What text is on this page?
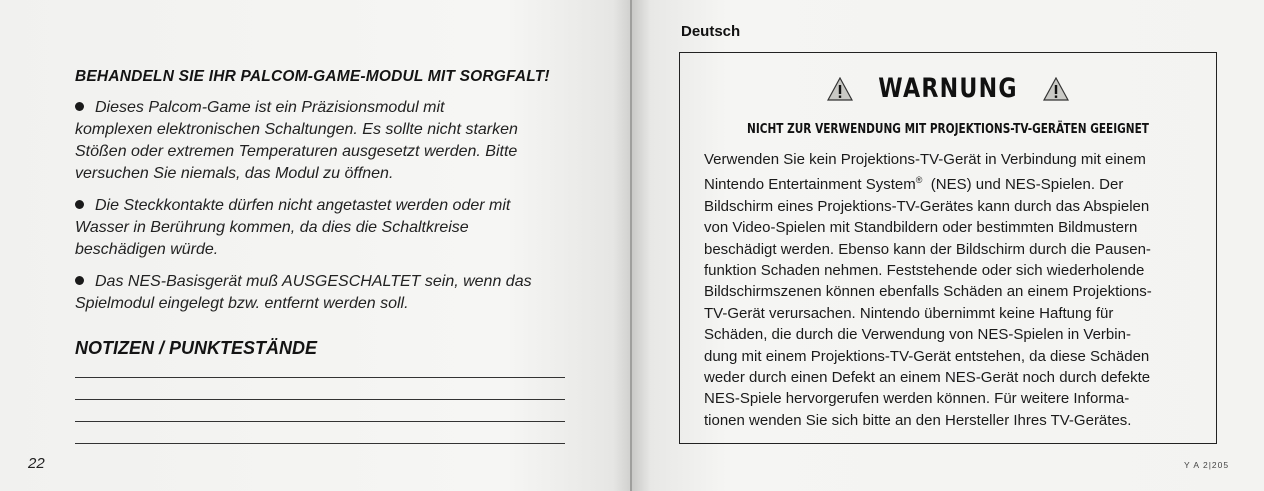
BEHANDELN SIE IHR PALCOM-GAME-MODUL MIT SORGFALT!
Dieses Palcom-Game ist ein Präzisionsmodul mit
komplexen elektronischen Schaltungen. Es sollte nicht starken
Stößen oder extremen Temperaturen ausgesetzt werden. Bitte
versuchen Sie niemals, das Modul zu öffnen.
Die Steckkontakte dürfen nicht angetastet werden oder mit
Wasser in Berührung kommen, da dies die Schaltkreise
beschädigen würde.
Das NES-Basisgerät muß AUSGESCHALTET sein, wenn das
Spielmodul eingelegt bzw. entfernt werden soll.
NOTIZEN / PUNKTESTÄNDE
22
Deutsch
WARNUNG
NICHT ZUR VERWENDUNG MIT PROJEKTIONS-TV-GERÄTEN GEEIGNET
Verwenden Sie kein Projektions-TV-Gerät in Verbindung mit einem
Nintendo Entertainment System® (NES) und NES-Spielen. Der
Bildschirm eines Projektions-TV-Gerätes kann durch das Abspielen
von Video-Spielen mit Standbildern oder bestimmten Bildmustern
beschädigt werden. Ebenso kann der Bildschirm durch die Pausen-
funktion Schaden nehmen. Feststehende oder sich wiederholende
Bildschirmszenen können ebenfalls Schäden an einem Projektions-
TV-Gerät verursachen. Nintendo übernimmt keine Haftung für
Schäden, die durch die Verwendung von NES-Spielen in Verbin-
dung mit einem Projektions-TV-Gerät entstehen, da diese Schäden
weder durch einen Defekt an einem NES-Gerät noch durch defekte
NES-Spiele hervorgerufen werden können. Für weitere Informa-
tionen wenden Sie sich bitte an den Hersteller Ihres TV-Gerätes.
Y A 2|205
